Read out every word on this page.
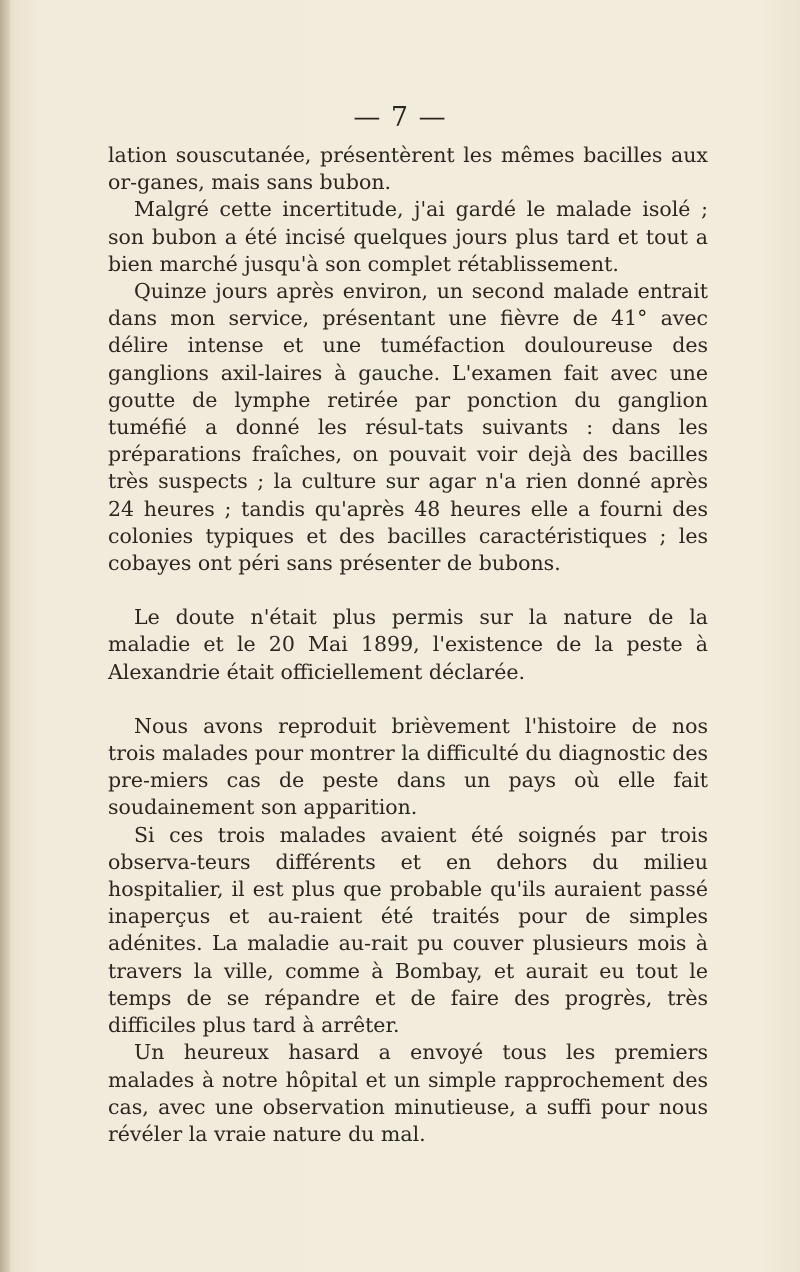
— 7 —

lation souscutanée, présentèrent les mêmes bacilles aux or-ganes, mais sans bubon.

Malgré cette incertitude, j'ai gardé le malade isolé ; son bubon a été incisé quelques jours plus tard et tout a bien marché jusqu'à son complet rétablissement.

Quinze jours après environ, un second malade entrait dans mon service, présentant une fièvre de 41° avec délire intense et une tuméfaction douloureuse des ganglions axil-laires à gauche. L'examen fait avec une goutte de lymphe retirée par ponction du ganglion tuméfié a donné les résul-tats suivants : dans les préparations fraîches, on pouvait voir dejà des bacilles très suspects ; la culture sur agar n'a rien donné après 24 heures ; tandis qu'après 48 heures elle a fourni des colonies typiques et des bacilles caractéristiques ; les cobayes ont péri sans présenter de bubons.

Le doute n'était plus permis sur la nature de la maladie et le 20 Mai 1899, l'existence de la peste à Alexandrie était officiellement déclarée.

Nous avons reproduit brièvement l'histoire de nos trois malades pour montrer la difficulté du diagnostic des pre-miers cas de peste dans un pays où elle fait soudainement son apparition.

Si ces trois malades avaient été soignés par trois observa-teurs différents et en dehors du milieu hospitalier, il est plus que probable qu'ils auraient passé inaperçus et au-raient été traités pour de simples adénites. La maladie au-rait pu couver plusieurs mois à travers la ville, comme à Bombay, et aurait eu tout le temps de se répandre et de faire des progrès, très difficiles plus tard à arrêter.

Un heureux hasard a envoyé tous les premiers malades à notre hôpital et un simple rapprochement des cas, avec une observation minutieuse, a suffi pour nous révéler la vraie nature du mal.
